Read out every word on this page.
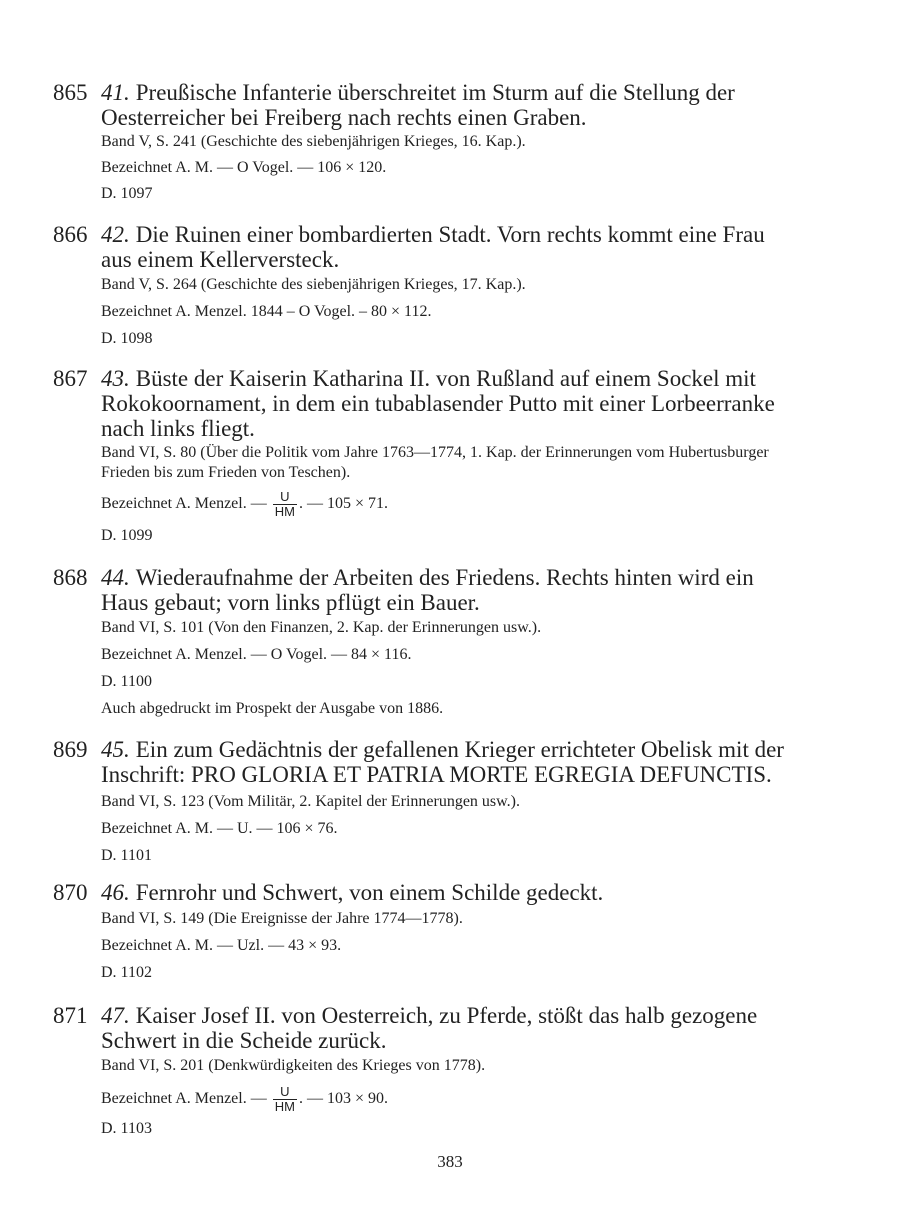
865 41. Preußische Infanterie überschreitet im Sturm auf die Stellung der Oesterreicher bei Freiberg nach rechts einen Graben.
Band V, S. 241 (Geschichte des siebenjährigen Krieges, 16. Kap.).
Bezeichnet A. M. — O Vogel. — 106 × 120.
D. 1097
866 42. Die Ruinen einer bombardierten Stadt. Vorn rechts kommt eine Frau aus einem Kellerversteck.
Band V, S. 264 (Geschichte des siebenjährigen Krieges, 17. Kap.).
Bezeichnet A. Menzel. 1844 – O Vogel. – 80 × 112.
D. 1098
867 43. Büste der Kaiserin Katharina II. von Rußland auf einem Sockel mit Rokokoornament, in dem ein tubablasender Putto mit einer Lorbeerranke nach links fliegt.
Band VI, S. 80 (Über die Politik vom Jahre 1763—1774, 1. Kap. der Erinnerungen vom Hubertusburger Frieden bis zum Frieden von Teschen).
Bezeichnet A. Menzel. — $\frac{U}{HM}$ . — 105 × 71.
D. 1099
868 44. Wiederaufnahme der Arbeiten des Friedens. Rechts hinten wird ein Haus gebaut; vorn links pflügt ein Bauer.
Band VI, S. 101 (Von den Finanzen, 2. Kap. der Erinnerungen usw.).
Bezeichnet A. Menzel. — O Vogel. — 84 × 116.
D. 1100
Auch abgedruckt im Prospekt der Ausgabe von 1886.
869 45. Ein zum Gedächtnis der gefallenen Krieger errichteter Obelisk mit der Inschrift: PRO GLORIA ET PATRIA MORTE EGREGIA DEFUNCTIS.
Band VI, S. 123 (Vom Militär, 2. Kapitel der Erinnerungen usw.).
Bezeichnet A. M. — U. — 106 × 76.
D. 1101
870 46. Fernrohr und Schwert, von einem Schilde gedeckt.
Band VI, S. 149 (Die Ereignisse der Jahre 1774—1778).
Bezeichnet A. M. — Uzl. — 43 × 93.
D. 1102
871 47. Kaiser Josef II. von Oesterreich, zu Pferde, stößt das halb gezogene Schwert in die Scheide zurück.
Band VI, S. 201 (Denkwürdigkeiten des Krieges von 1778).
Bezeichnet A. Menzel. — $\frac{U}{HM}$ . — 103 × 90.
D. 1103
383
